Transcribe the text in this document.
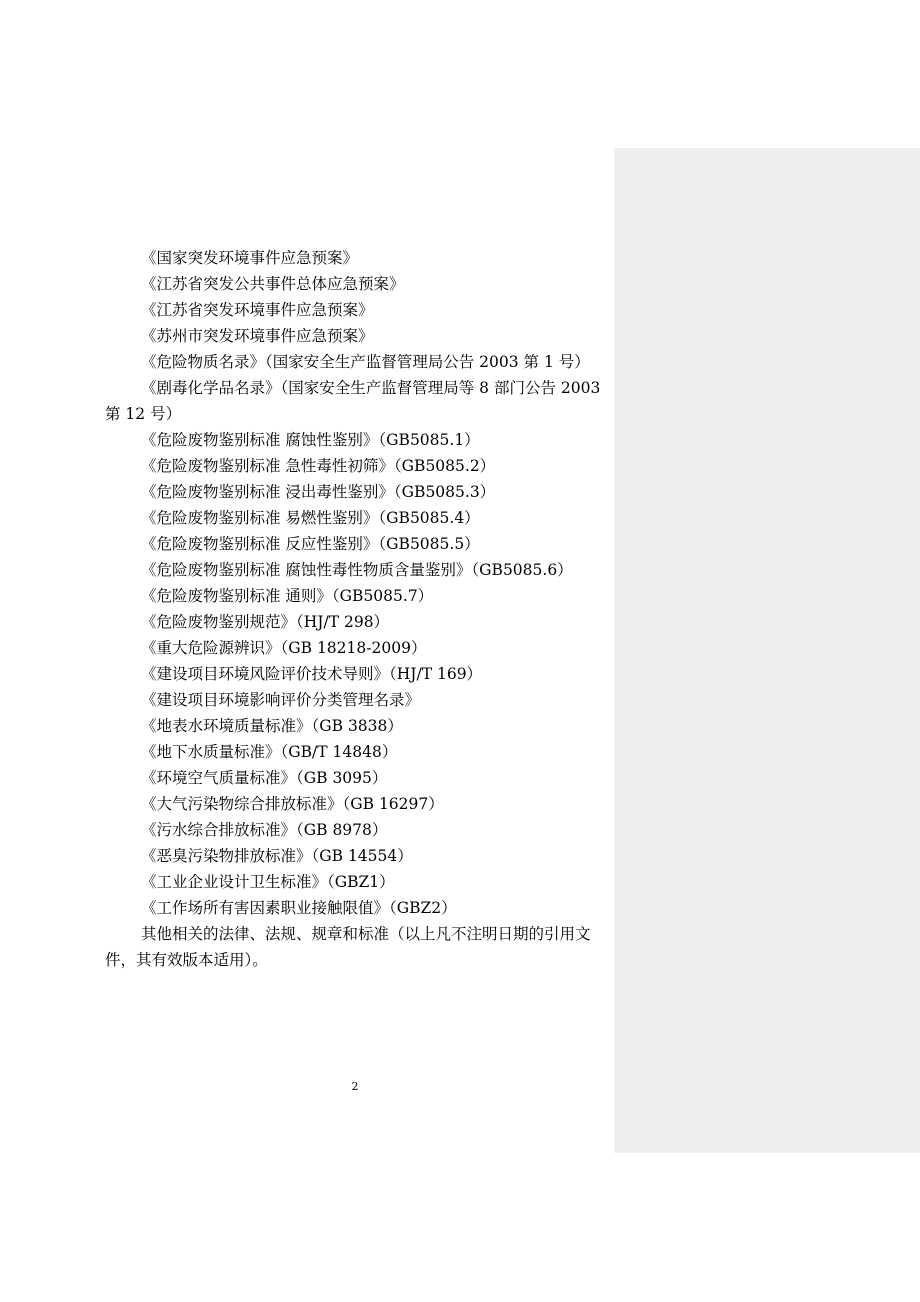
《国家突发环境事件应急预案》
《江苏省突发公共事件总体应急预案》
《江苏省突发环境事件应急预案》
《苏州市突发环境事件应急预案》
《危险物质名录》（国家安全生产监督管理局公告 2003 第 1 号）
《剧毒化学品名录》（国家安全生产监督管理局等 8 部门公告 2003 第 12 号）
《危险废物鉴别标准 腐蚀性鉴别》（GB5085.1）
《危险废物鉴别标准 急性毒性初筛》（GB5085.2）
《危险废物鉴别标准 浸出毒性鉴别》（GB5085.3）
《危险废物鉴别标准 易燃性鉴别》（GB5085.4）
《危险废物鉴别标准 反应性鉴别》（GB5085.5）
《危险废物鉴别标准 腐蚀性毒性物质含量鉴别》（GB5085.6）
《危险废物鉴别标准 通则》（GB5085.7）
《危险废物鉴别规范》（HJ/T 298）
《重大危险源辨识》（GB 18218-2009）
《建设项目环境风险评价技术导则》（HJ/T 169）
《建设项目环境影响评价分类管理名录》
《地表水环境质量标准》（GB 3838）
《地下水质量标准》（GB/T 14848）
《环境空气质量标准》（GB 3095）
《大气污染物综合排放标准》（GB 16297）
《污水综合排放标准》（GB 8978）
《恶臭污染物排放标准》（GB 14554）
《工业企业设计卫生标准》（GBZ1）
《工作场所有害因素职业接触限值》（GBZ2）
其他相关的法律、法规、规章和标准（以上凡不注明日期的引用文件，其有效版本适用）。
2
